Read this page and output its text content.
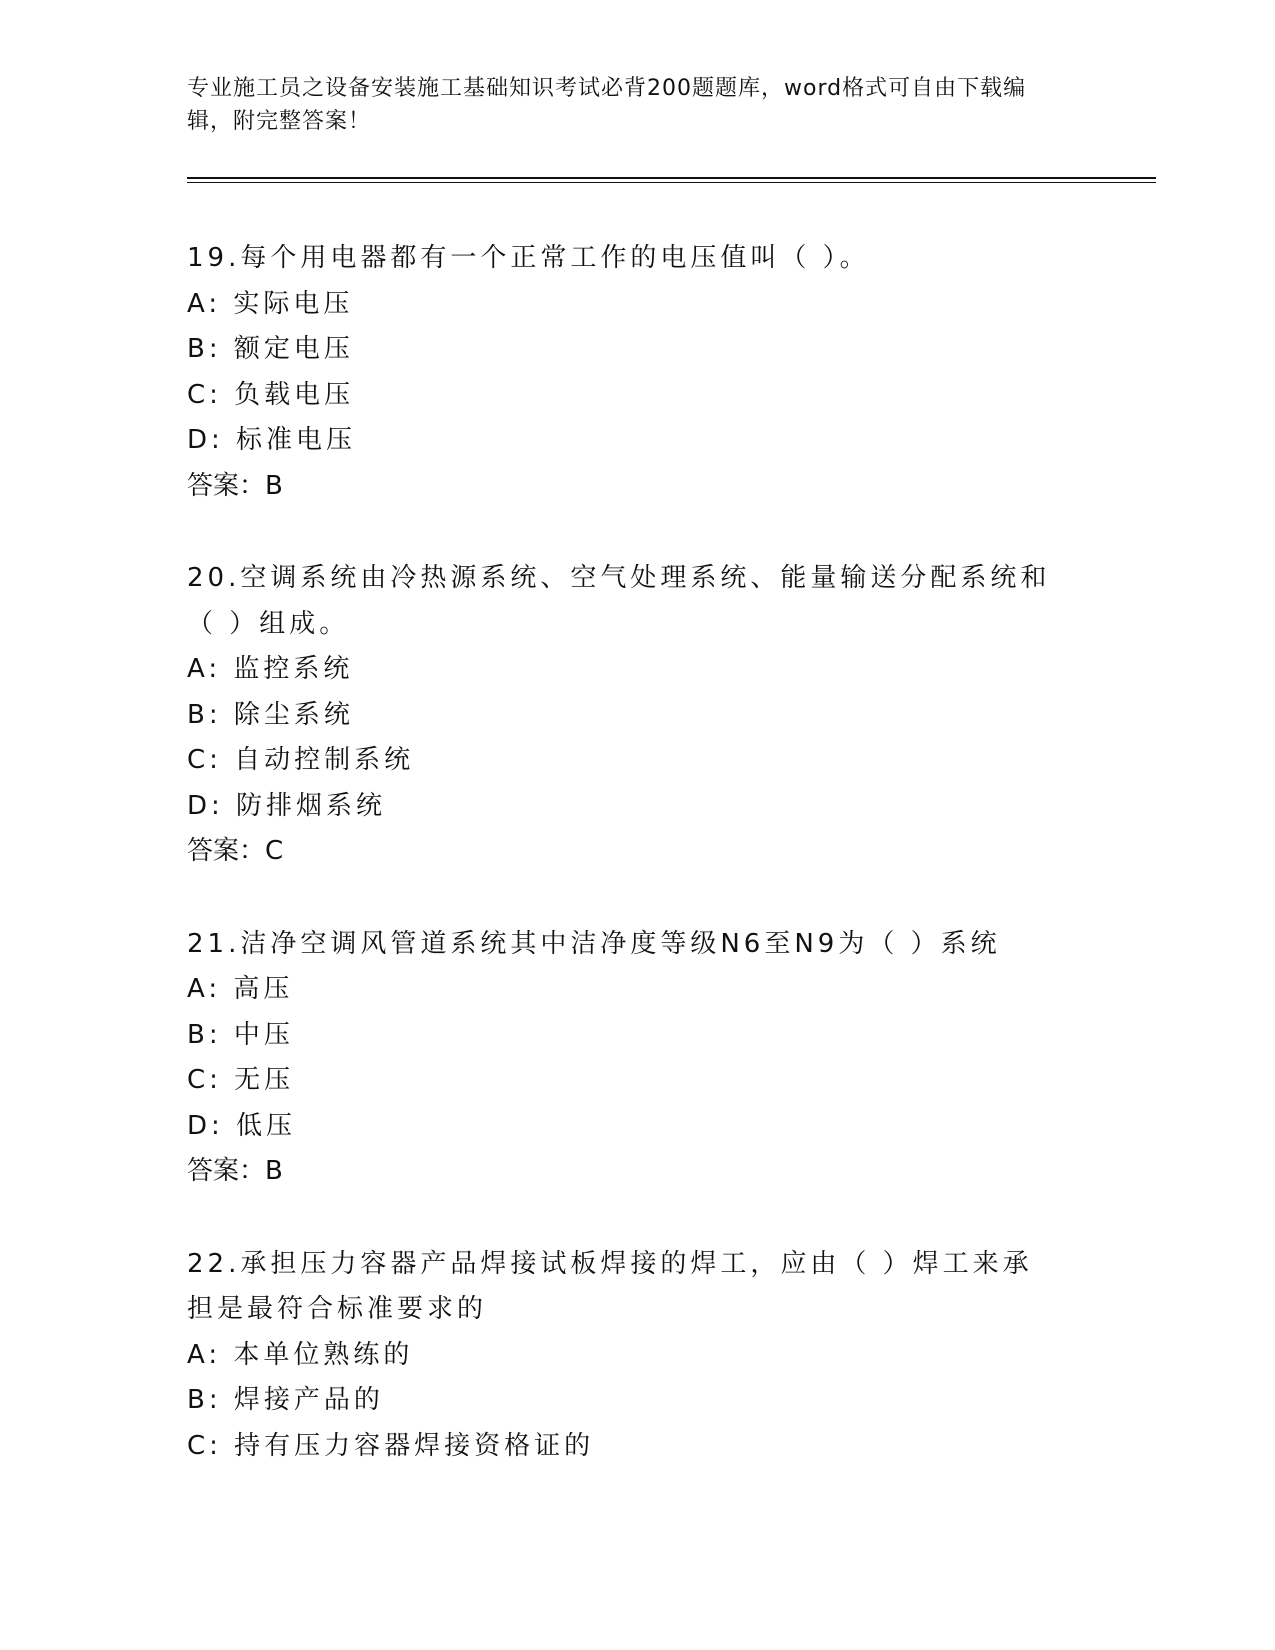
专业施工员之设备安装施工基础知识考试必背200题题库，word格式可自由下载编辑，附完整答案！
19.每个用电器都有一个正常工作的电压值叫（ ）。
A: 实际电压
B: 额定电压
C: 负载电压
D: 标准电压
答案：B
20.空调系统由冷热源系统、空气处理系统、能量输送分配系统和（ ）组成。
A: 监控系统
B: 除尘系统
C: 自动控制系统
D: 防排烟系统
答案：C
21.洁净空调风管道系统其中洁净度等级N6至N9为（ ）系统
A: 高压
B: 中压
C: 无压
D: 低压
答案：B
22.承担压力容器产品焊接试板焊接的焊工，应由（ ）焊工来承担是最符合标准要求的
A: 本单位熟练的
B: 焊接产品的
C: 持有压力容器焊接资格证的
